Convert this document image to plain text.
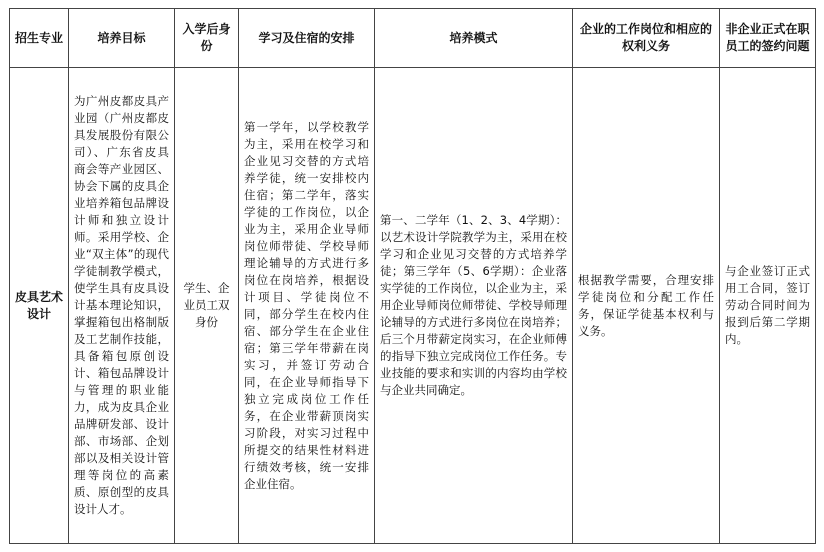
招生专业	培养目标	入学后身份	学习及住宿的安排	培养模式	企业的工作岗位和相应的权利义务	非企业正式在职员工的签约问题
皮具艺术设计	为广州皮都皮具产业园（广州皮都皮具发展股份有限公司）、广东省皮具商会等产业园区、协会下属的皮具企业培养箱包品牌设计师和独立设计师。采用学校、企业“双主体”的现代学徒制教学模式，使学生具有皮具设计基本理论知识，掌握箱包出格制版及工艺制作技能，具备箱包原创设计、箱包品牌设计与管理的职业能力，成为皮具企业品牌研发部、设计部、市场部、企划部以及相关设计管理等岗位的高素质、原创型的皮具设计人才。	学生、企业员工双身份	第一学年，以学校教学为主，采用在校学习和企业见习交替的方式培养学徒，统一安排校内住宿；第二学年，落实学徒的工作岗位，以企业为主，采用企业导师岗位师带徒、学校导师理论辅导的方式进行多岗位在岗培养，根据设计项目、学徒岗位不同，部分学生在校内住宿、部分学生在企业住宿；第三学年带薪在岗实习，并签订劳动合同，在企业导师指导下独立完成岗位工作任务，在企业带薪顶岗实习阶段，对实习过程中所提交的结果性材料进行绩效考核，统一安排企业住宿。	第一、二学年（1、2、3、4学期）：以艺术设计学院教学为主，采用在校学习和企业见习交替的方式培养学徒；第三学年（5、6学期）：企业落实学徒的工作岗位，以企业为主，采用企业导师岗位师带徒、学校导师理论辅导的方式进行多岗位在岗培养；后三个月带薪定岗实习，在企业师傅的指导下独立完成岗位工作任务。专业技能的要求和实训的内容均由学校与企业共同确定。	根据教学需要，合理安排学徒岗位和分配工作任务，保证学徒基本权利与义务。	与企业签订正式用工合同，签订劳动合同时间为报到后第二学期内。
